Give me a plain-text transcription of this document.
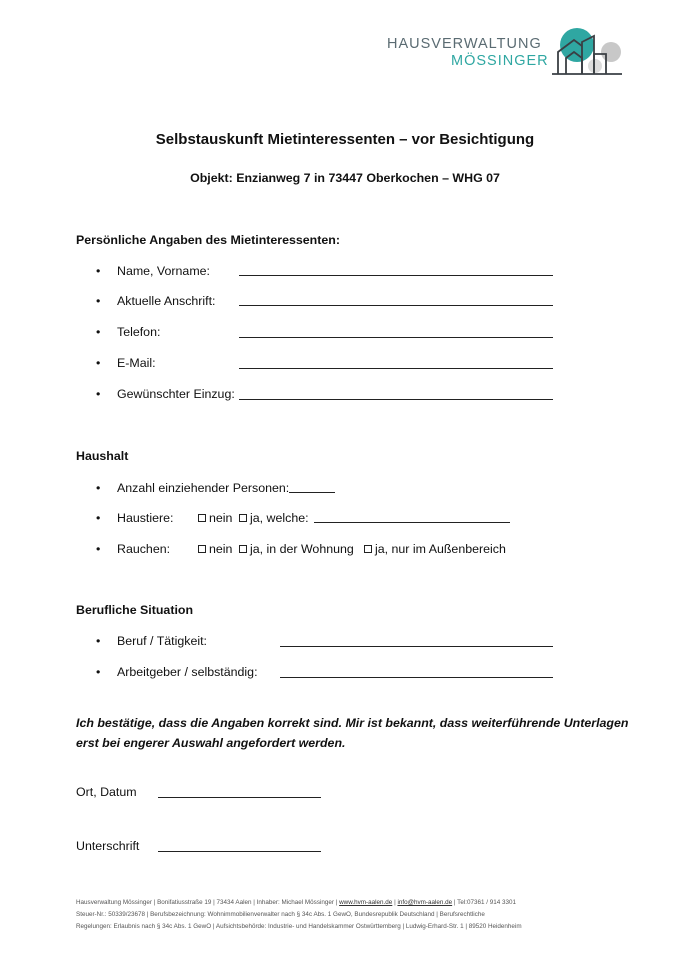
HAUSVERWALTUNG
MÖSSINGER
Selbstauskunft Mietinteressenten – vor Besichtigung
Objekt: Enzianweg 7 in 73447 Oberkochen – WHG 07
Persönliche Angaben des Mietinteressenten:
• Name, Vorname:
• Aktuelle Anschrift:
• Telefon:
• E-Mail:
• Gewünschter Einzug:
Haushalt
• Anzahl einziehender Personen:
• Haustiere:	nein ja, welche:
• Rauchen:	nein ja, in der Wohnung ja, nur im Außenbereich
Berufliche Situation
• Beruf / Tätigkeit:
• Arbeitgeber / selbständig:
Ich bestätige, dass die Angaben korrekt sind. Mir ist bekannt, dass weiterführende Unterlagen erst bei engerer Auswahl angefordert werden.
Ort, Datum
Unterschrift
Hausverwaltung Mössinger | Bonifatiusstraße 19 | 73434 Aalen | Inhaber: Michael Mössinger | www.hvm-aalen.de | info@hvm-aalen.de | Tel:07361 / 914 3301
Steuer-Nr.: 50339/23678 | Berufsbezeichnung: Wohnimmobilienverwalter nach § 34c Abs. 1 GewO, Bundesrepublik Deutschland | Berufsrechtliche
Regelungen: Erlaubnis nach § 34c Abs. 1 GewO | Aufsichtsbehörde: Industrie- und Handelskammer Ostwürttemberg | Ludwig-Erhard-Str. 1 | 89520 Heidenheim
